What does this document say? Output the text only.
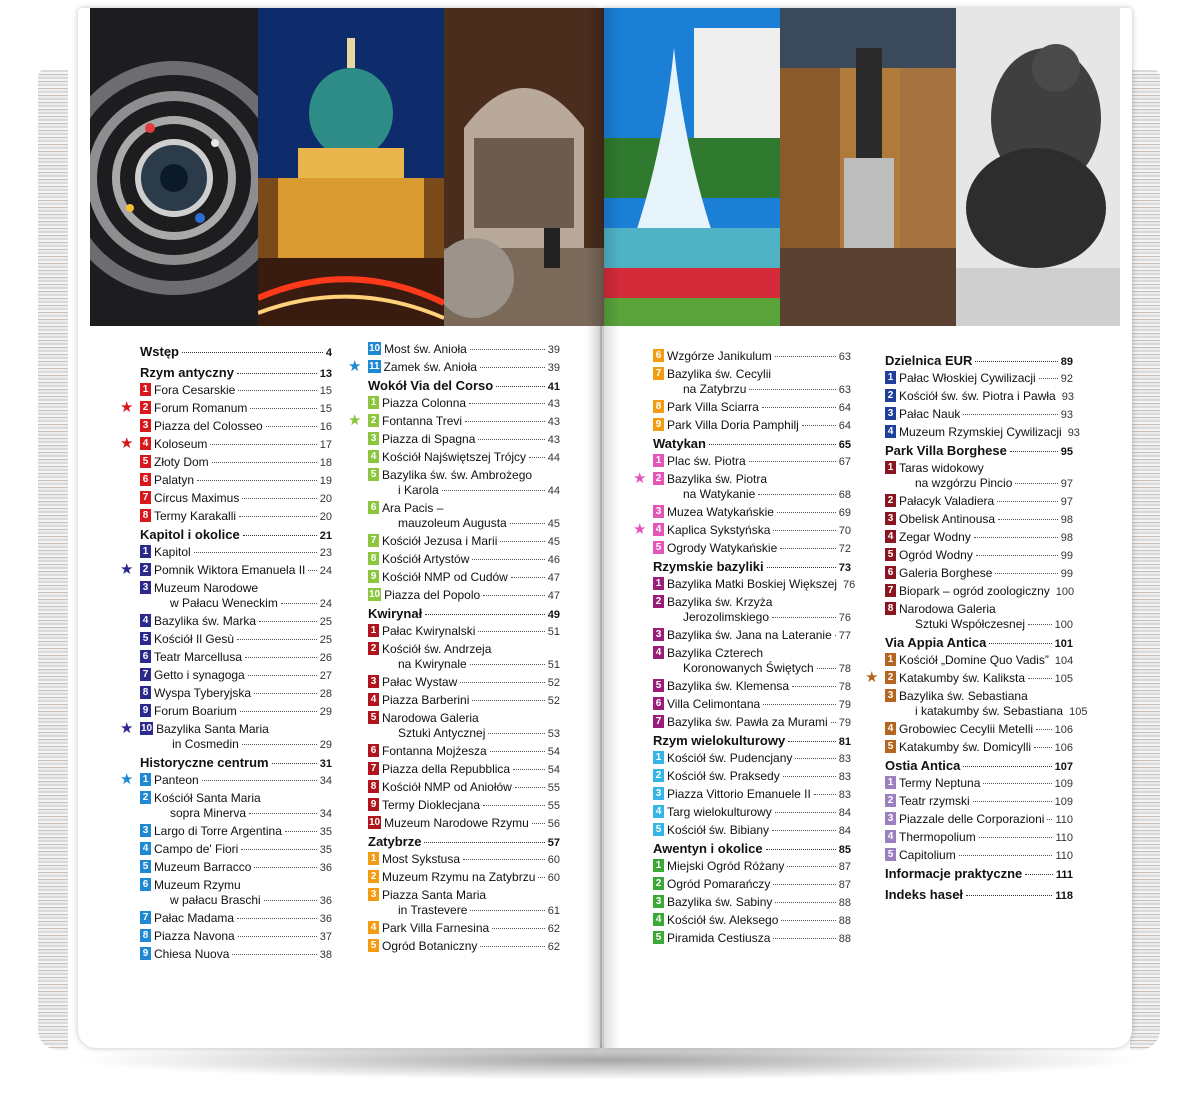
Wstęp	4
Rzym antyczny	13
1 Fora Cesarskie	15
★ 2 Forum Romanum	15
3 Piazza del Colosseo	16
★ 4 Koloseum	17
5 Złoty Dom	18
6 Palatyn	19
7 Circus Maximus	20
8 Termy Karakalli	20
Kapitol i okolice	21
1 Kapitol	23
★ 2 Pomnik Wiktora Emanuela II 24
3 Muzeum Narodowe
w Pałacu Weneckim	24
4 Bazylika św. Marka	25
5 Kościół Il Gesù	25
6 Teatr Marcellusa	26
7 Getto i synagoga	27
8 Wyspa Tyberyjska	28
9 Forum Boarium	29
★ 10 Bazylika Santa Maria
in Cosmedin	29
Historyczne centrum	31
★ 1 Panteon	34
2 Kościół Santa Maria
sopra Minerva	34
3 Largo di Torre Argentina	35
4 Campo de' Fiori	35
5 Muzeum Barracco	36
6 Muzeum Rzymu
w pałacu Braschi	36
7 Pałac Madama	36
8 Piazza Navona	37
9 Chiesa Nuova	38
10 Most św. Anioła	39
★ 11 Zamek św. Anioła	39
Wokół Via del Corso	41
1 Piazza Colonna	43
★ 2 Fontanna Trevi	43
3 Piazza di Spagna	43
4 Kościół Najświętszej Trójcy 44
5 Bazylika św. św. Ambrożego
i Karola	44
6 Ara Pacis –
mauzoleum Augusta	45
7 Kościół Jezusa i Marii	45
8 Kościół Artystów	46
9 Kościół NMP od Cudów	47
10 Piazza del Popolo	47
Kwirynał	49
1 Pałac Kwirynalski	51
2 Kościół św. Andrzeja
na Kwirynale	51
3 Pałac Wystaw	52
4 Piazza Barberini	52
5 Narodowa Galeria
Sztuki Antycznej	53
6 Fontanna Mojżesza	54
7 Piazza della Repubblica	54
8 Kościół NMP od Aniołów	55
9 Termy Dioklecjana	55
10 Muzeum Narodowe Rzymu 56
Zatybrze	57
1 Most Sykstusa	60
2 Muzeum Rzymu na Zatybrzu 60
3 Piazza Santa Maria
in Trastevere	61
4 Park Villa Farnesina	62
5 Ogród Botaniczny	62
6 Wzgórze Janikulum	63
7 Bazylika św. Cecylii
na Zatybrzu	63
8 Park Villa Sciarra	64
9 Park Villa Doria Pamphilj	64
Watykan	65
1 Plac św. Piotra	67
★ 2 Bazylika św. Piotra
na Watykanie	68
3 Muzea Watykańskie	69
★ 4 Kaplica Sykstyńska	70
5 Ogrody Watykańskie	72
Rzymskie bazyliki	73
1 Bazylika Matki Boskiej Większej 76
2 Bazylika św. Krzyża
Jerozolimskiego	76
3 Bazylika św. Jana na Lateranie 77
4 Bazylika Czterech
Koronowanych Świętych 78
5 Bazylika św. Klemensa	78
6 Villa Celimontana	79
7 Bazylika św. Pawła za Murami 79
Rzym wielokulturowy	81
1 Kościół św. Pudencjany	83
2 Kościół św. Praksedy	83
3 Piazza Vittorio Emanuele II	83
4 Targ wielokulturowy	84
5 Kościół św. Bibiany	84
Awentyn i okolice	85
1 Miejski Ogród Różany	87
2 Ogród Pomarańczy	87
3 Bazylika św. Sabiny	88
4 Kościół św. Aleksego	88
5 Piramida Cestiusza	88
Dzielnica EUR	89
1 Pałac Włoskiej Cywilizacji 92
2 Kościół św. św. Piotra i Pawła 93
3 Pałac Nauk	93
4 Muzeum Rzymskiej Cywilizacji 93
Park Villa Borghese	95
1 Taras widokowy
na wzgórzu Pincio	97
2 Pałacyk Valadiera	97
3 Obelisk Antinousa	98
4 Zegar Wodny	98
5 Ogród Wodny	99
6 Galeria Borghese	99
7 Biopark – ogród zoologiczny 100
8 Narodowa Galeria
Sztuki Współczesnej	100
Via Appia Antica	101
1 Kościół „Domine Quo Vadis” 104
★ 2 Katakumby św. Kaliksta	105
3 Bazylika św. Sebastiana
i katakumby św. Sebastiana 105
4 Grobowiec Cecylii Metelli 106
5 Katakumby św. Domicylli 106
Ostia Antica	107
1 Termy Neptuna	109
2 Teatr rzymski	109
3 Piazzale delle Corporazioni 110
4 Thermopolium	110
5 Capitolium	110
Informacje praktyczne	111
Indeks haseł	118
